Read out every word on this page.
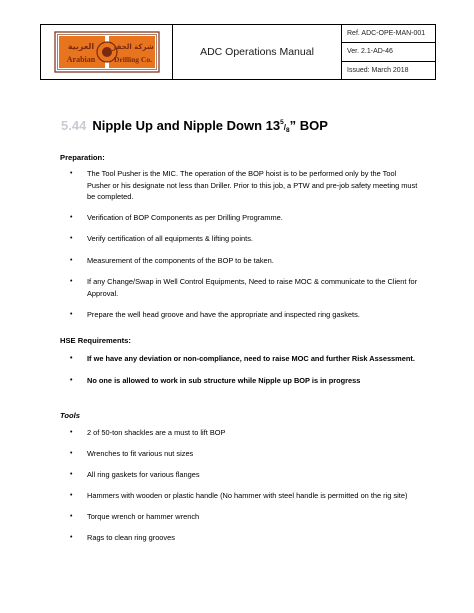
العربية
Arabian
شركة الحفر
Drilling Co.
ADC Operations Manual
Ref. ADC-OPE-MAN-001
Ver. 2.1-AD-46
Issued: March 2018
5.44 Nipple Up and Nipple Down $13^5/_8$” BOP
Preparation:
• The Tool Pusher is the MIC. The operation of the BOP hoist is to be performed only by the Tool Pusher or his designate not less than Driller. Prior to this job, a PTW and pre-job safety meeting must be completed.
• Verification of BOP Components as per Drilling Programme.
• Verify certification of all equipments & lifting points.
• Measurement of the components of the BOP to be taken.
• If any Change/Swap in Well Control Equipments, Need to raise MOC & communicate to the Client for Approval.
• Prepare the well head groove and have the appropriate and inspected ring gaskets.
HSE Requirements:
• If we have any deviation or non-compliance, need to raise MOC and further Risk Assessment.
• No one is allowed to work in sub structure while Nipple up BOP is in progress
Tools
• 2 of 50-ton shackles are a must to lift BOP
• Wrenches to fit various nut sizes
• All ring gaskets for various flanges
• Hammers with wooden or plastic handle (No hammer with steel handle is permitted on the rig site)
• Torque wrench or hammer wrench
• Rags to clean ring grooves
